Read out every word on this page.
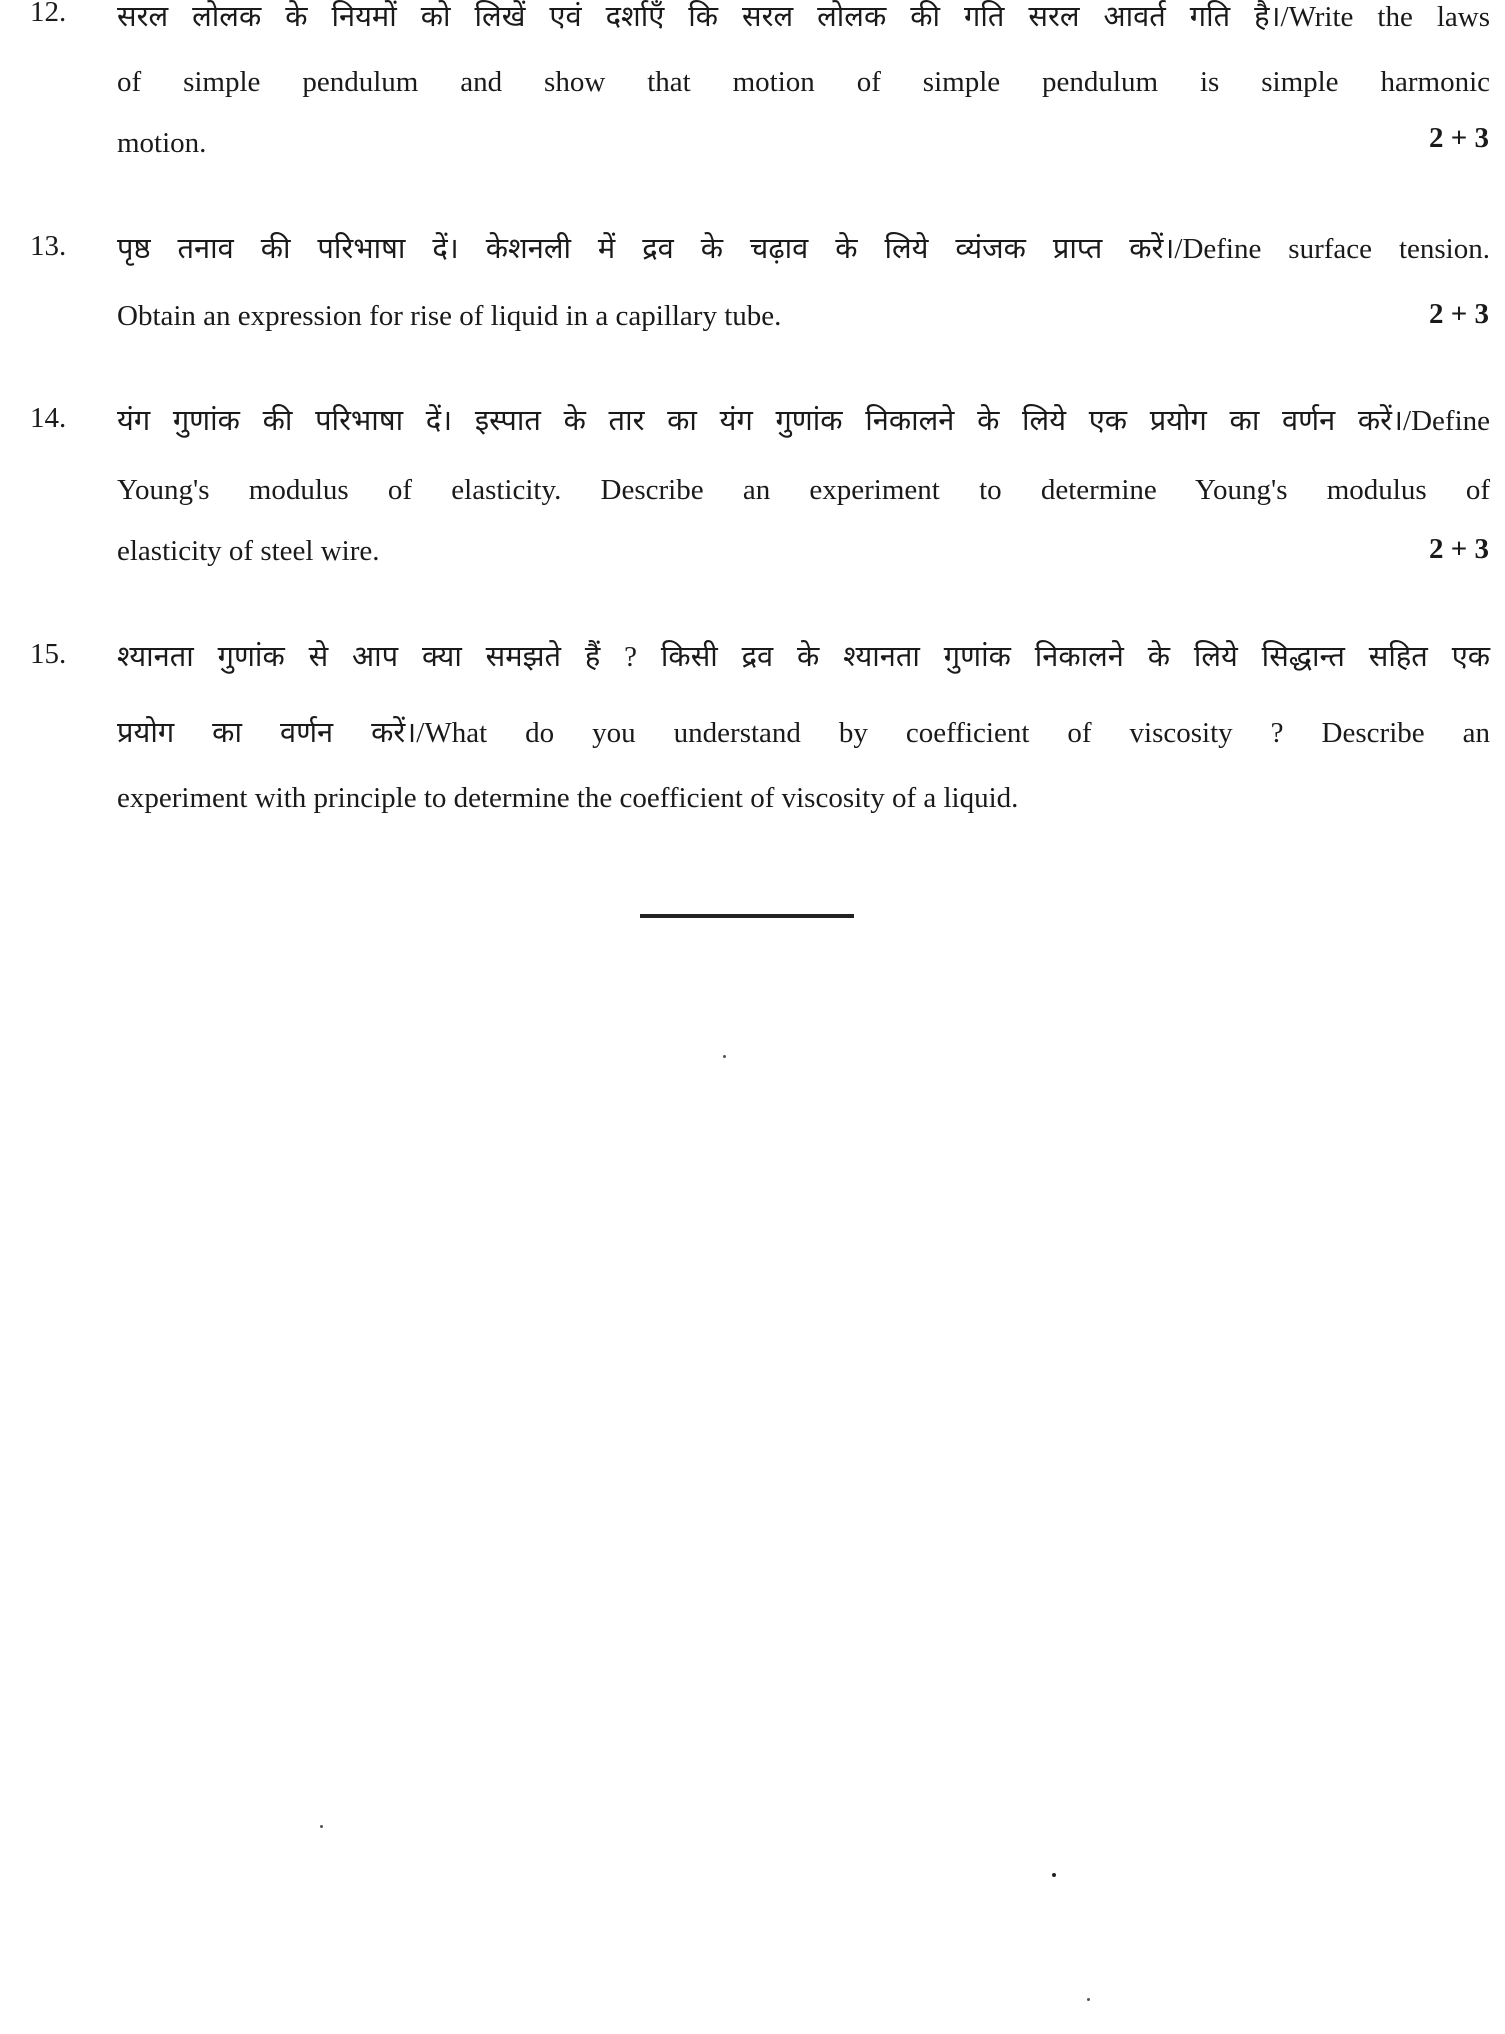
12. सरल लोलक के नियमों को लिखें एवं दर्शाएँ कि सरल लोलक की गति सरल आवर्त गति है।/Write the laws
of simple pendulum and show that motion of simple pendulum is simple harmonic
motion.	2 + 3
13. पृष्ठ तनाव की परिभाषा दें। केशनली में द्रव के चढ़ाव के लिये व्यंजक प्राप्त करें।/Define surface tension.
Obtain an expression for rise of liquid in a capillary tube.	2 + 3
14. यंग गुणांक की परिभाषा दें। इस्पात के तार का यंग गुणांक निकालने के लिये एक प्रयोग का वर्णन करें।/Define
Young's modulus of elasticity. Describe an experiment to determine Young's modulus of
elasticity of steel wire.	2 + 3
15. श्यानता गुणांक से आप क्या समझते हैं ? किसी द्रव के श्यानता गुणांक निकालने के लिये सिद्धान्त सहित एक
प्रयोग का वर्णन करें।/What do you understand by coefficient of viscosity ? Describe an
experiment with principle to determine the coefficient of viscosity of a liquid.
